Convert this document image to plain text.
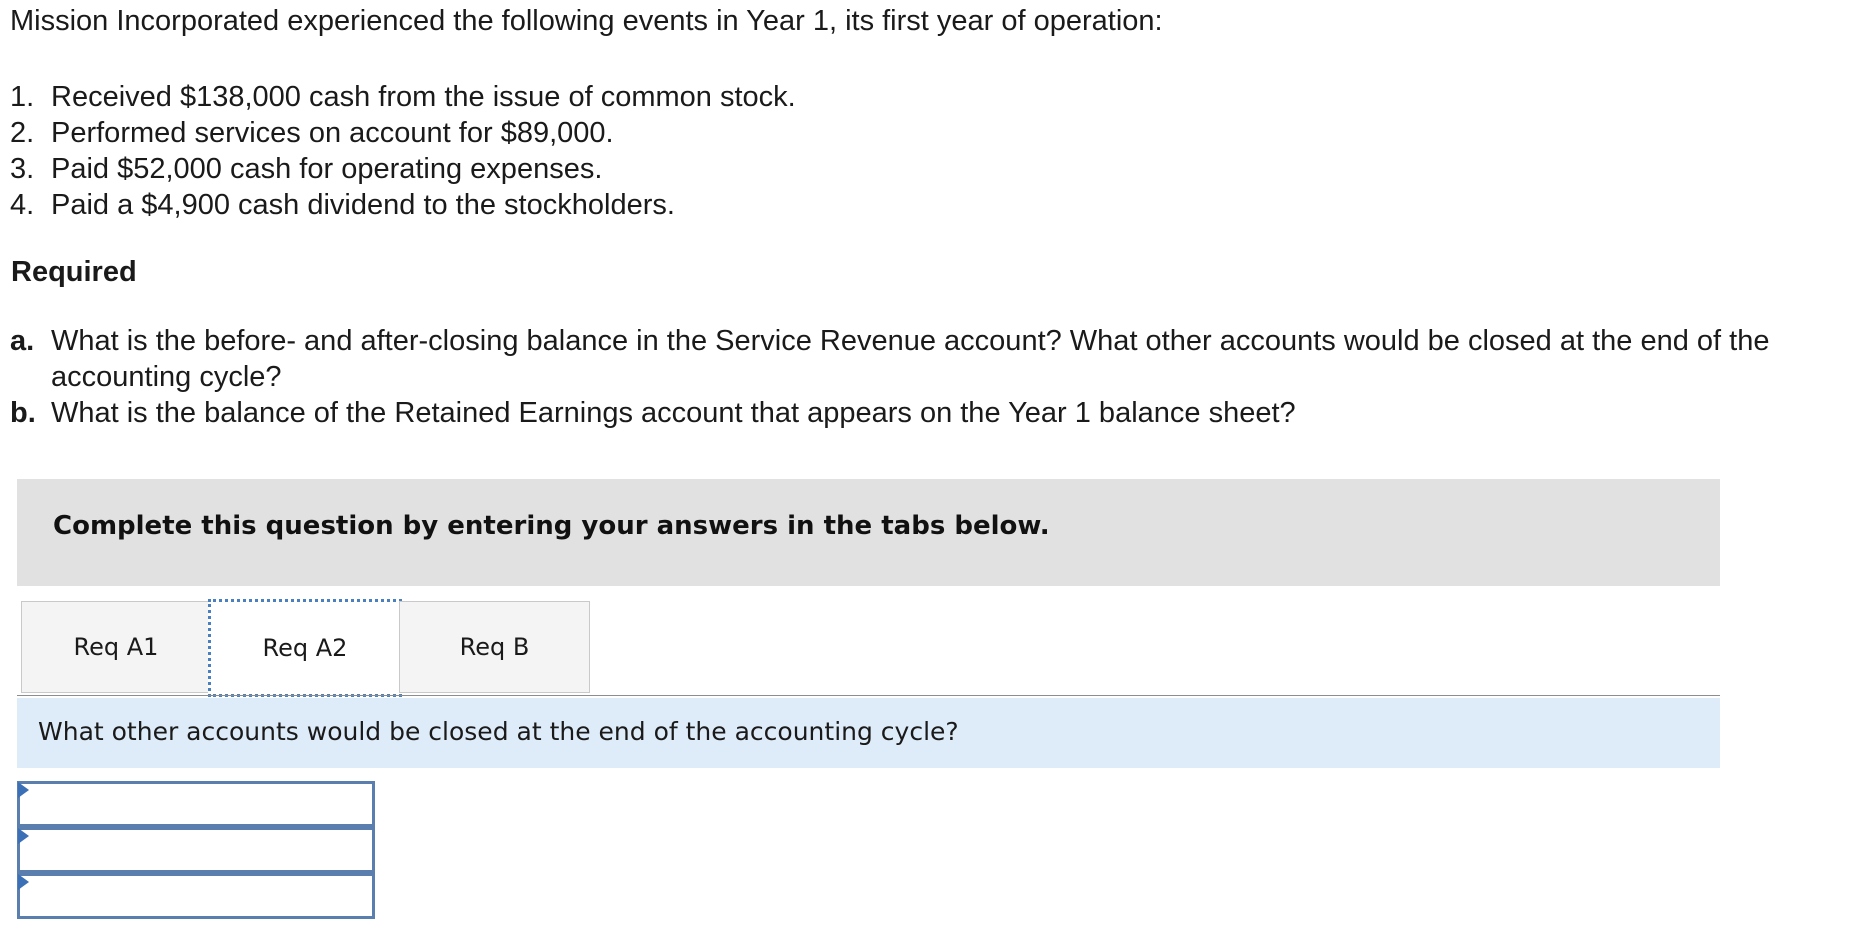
Mission Incorporated experienced the following events in Year 1, its first year of operation:
1. Received $138,000 cash from the issue of common stock.
2. Performed services on account for $89,000.
3. Paid $52,000 cash for operating expenses.
4. Paid a $4,900 cash dividend to the stockholders.
Required
a. What is the before- and after-closing balance in the Service Revenue account? What other accounts would be closed at the end of the accounting cycle?
b. What is the balance of the Retained Earnings account that appears on the Year 1 balance sheet?
Complete this question by entering your answers in the tabs below.
Req A1	Req A2	Req B
What other accounts would be closed at the end of the accounting cycle?
